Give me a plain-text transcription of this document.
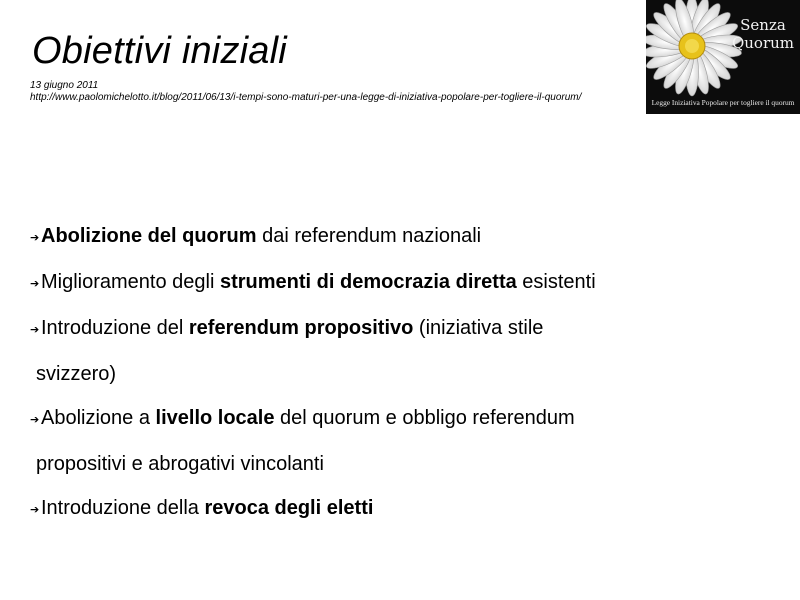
Obiettivi iniziali
13 giugno 2011
http://www.paolomichelotto.it/blog/2011/06/13/i-tempi-sono-maturi-per-una-legge-di-iniziativa-popolare-per-togliere-il-quorum/
Senza
Quorum
Legge Iniziativa Popolare per togliere il quorum
➔Abolizione del quorum dai referendum nazionali
➔Miglioramento degli strumenti di democrazia diretta esistenti
➔Introduzione del referendum propositivo (iniziativa stile
svizzero)
➔Abolizione a livello locale del quorum e obbligo referendum
propositivi e abrogativi vincolanti
➔Introduzione della revoca degli eletti
